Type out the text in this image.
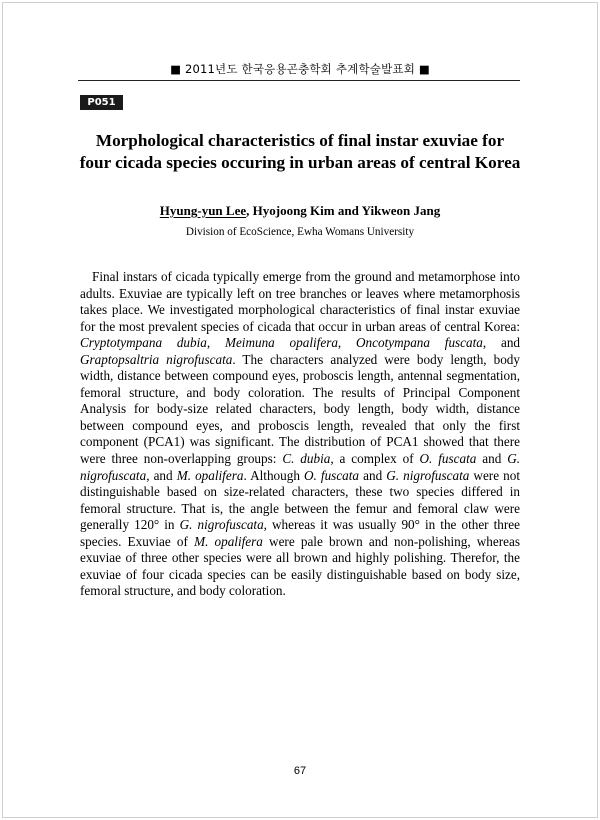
■ 2011년도 한국응용곤충학회 추계학술발표회 ■
P051
Morphological characteristics of final instar exuviae for
four cicada species occuring in urban areas of central Korea
Hyung-yun Lee, Hyojoong Kim and Yikweon Jang
Division of EcoScience, Ewha Womans University

Final instars of cicada typically emerge from the ground and metamorphose into adults. Exuviae are typically left on tree branches or leaves where metamorphosis takes place. We investigated morphological characteristics of final instar exuviae for the most prevalent species of cicada that occur in urban areas of central Korea: Cryptotympana dubia, Meimuna opalifera, Oncotympana fuscata, and Graptopsaltria nigrofuscata. The characters analyzed were body length, body width, distance between compound eyes, proboscis length, antennal segmentation, femoral structure, and body coloration. The results of Principal Component Analysis for body-size related characters, body length, body width, distance between compound eyes, and proboscis length, revealed that only the first component (PCA1) was significant. The distribution of PCA1 showed that there were three non-overlapping groups: C. dubia, a complex of O. fuscata and G. nigrofuscata, and M. opalifera. Although O. fuscata and G. nigrofuscata were not distinguishable based on size-related characters, these two species differed in femoral structure. That is, the angle between the femur and femoral claw were generally 120° in G. nigrofuscata, whereas it was usually 90° in the other three species. Exuviae of M. opalifera were pale brown and non-polishing, whereas exuviae of three other species were all brown and highly polishing. Therefor, the exuviae of four cicada species can be easily distinguishable based on body size, femoral structure, and body coloration.

67
